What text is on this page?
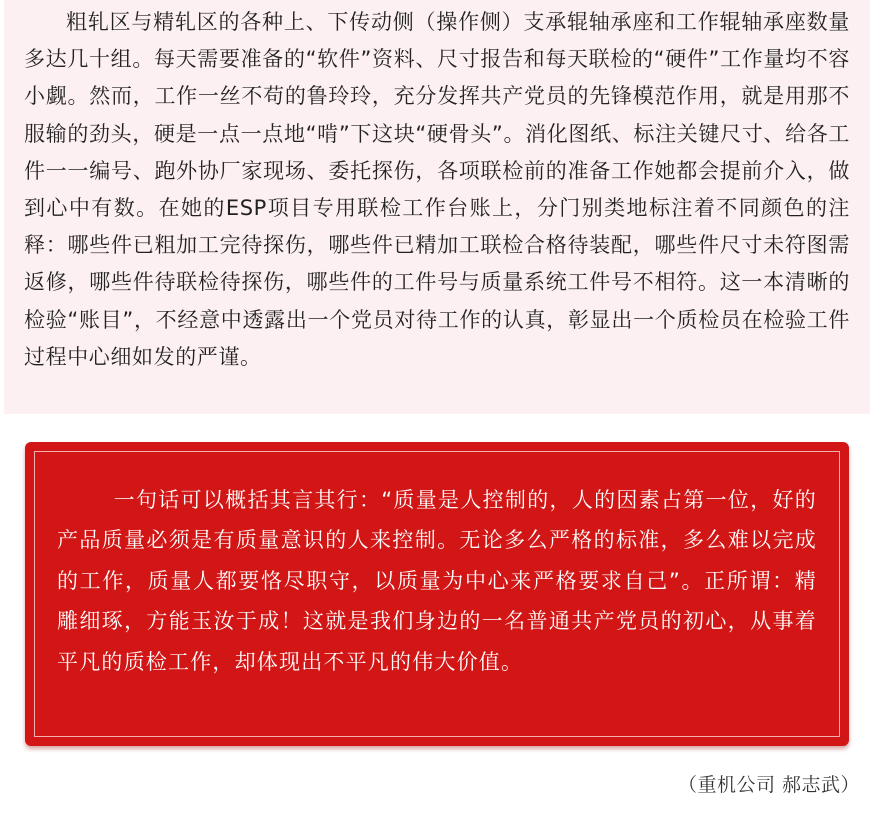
粗轧区与精轧区的各种上、下传动侧（操作侧）支承辊轴承座和工作辊轴承座数量多达几十组。每天需要准备的“软件”资料、尺寸报告和每天联检的“硬件”工作量均不容小觑。然而，工作一丝不苟的鲁玲玲，充分发挥共产党员的先锋模范作用，就是用那不服输的劲头，硬是一点一点地“啃”下这块“硬骨头”。消化图纸、标注关键尺寸、给各工件一一编号、跑外协厂家现场、委托探伤，各项联检前的准备工作她都会提前介入，做到心中有数。在她的ESP项目专用联检工作台账上，分门别类地标注着不同颜色的注释：哪些件已粗加工完待探伤，哪些件已精加工联检合格待装配，哪些件尺寸未符图需返修，哪些件待联检待探伤，哪些件的工件号与质量系统工件号不相符。这一本清晰的检验“账目”，不经意中透露出一个党员对待工作的认真，彰显出一个质检员在检验工件过程中心细如发的严谨。

一句话可以概括其言其行：“质量是人控制的，人的因素占第一位，好的产品质量必须是有质量意识的人来控制。无论多么严格的标准，多么难以完成的工作，质量人都要恪尽职守，以质量为中心来严格要求自己”。正所谓：精雕细琢，方能玉汝于成！这就是我们身边的一名普通共产党员的初心，从事着平凡的质检工作，却体现出不平凡的伟大价值。

（重机公司 郝志武）
